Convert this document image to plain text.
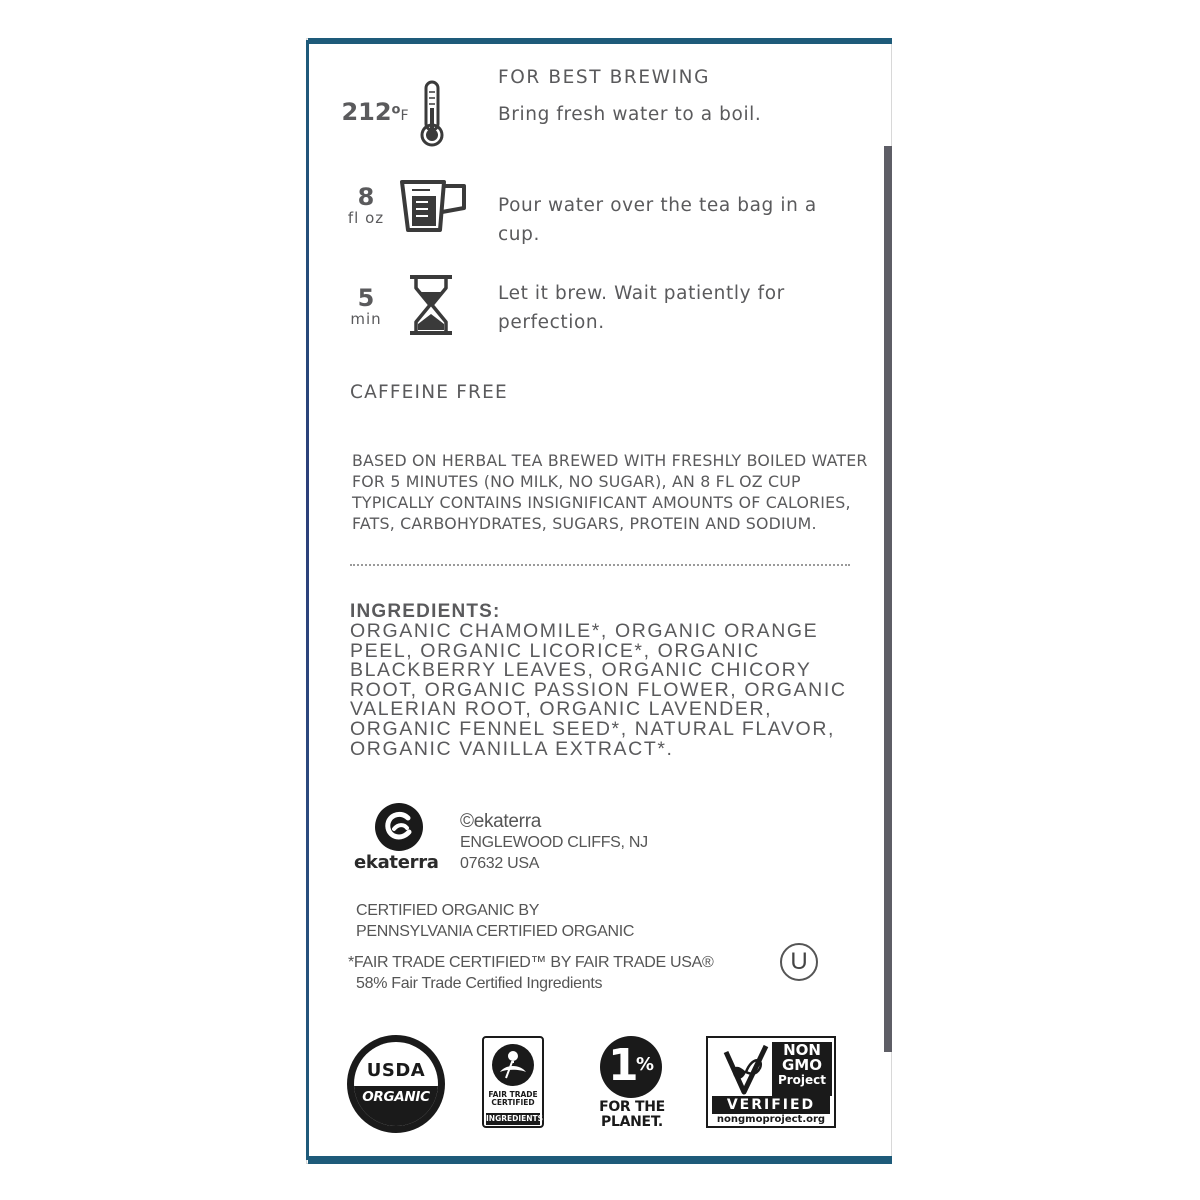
FOR BEST BREWING
212$^o$F	Bring fresh water to a boil.
8
fl oz
Pour water over the tea bag in a cup.
5
min
Let it brew. Wait patiently for perfection.
CAFFEINE FREE
BASED ON HERBAL TEA BREWED WITH FRESHLY BOILED WATER FOR 5 MINUTES (NO MILK, NO SUGAR), AN 8 FL OZ CUP TYPICALLY CONTAINS INSIGNIFICANT AMOUNTS OF CALORIES, FATS, CARBOHYDRATES, SUGARS, PROTEIN AND SODIUM.
INGREDIENTS:
ORGANIC CHAMOMILE*, ORGANIC ORANGE
PEEL, ORGANIC LICORICE*, ORGANIC
BLACKBERRY LEAVES, ORGANIC CHICORY
ROOT, ORGANIC PASSION FLOWER, ORGANIC
VALERIAN ROOT, ORGANIC LAVENDER,
ORGANIC FENNEL SEED*, NATURAL FLAVOR,
ORGANIC VANILLA EXTRACT*.
ekaterra
©ekaterra
ENGLEWOOD CLIFFS, NJ
07632 USA
CERTIFIED ORGANIC BY
PENNSYLVANIA CERTIFIED ORGANIC
*FAIR TRADE CERTIFIED™ BY FAIR TRADE USA®
58% Fair Trade Certified Ingredients
U
USDA
ORGANIC	FAIR TRADE
CERTIFIED
INGREDIENTS
1
%
FOR THE
PLANET.
NON
GMO
Project
VERIFIED
nongmoproject.org
